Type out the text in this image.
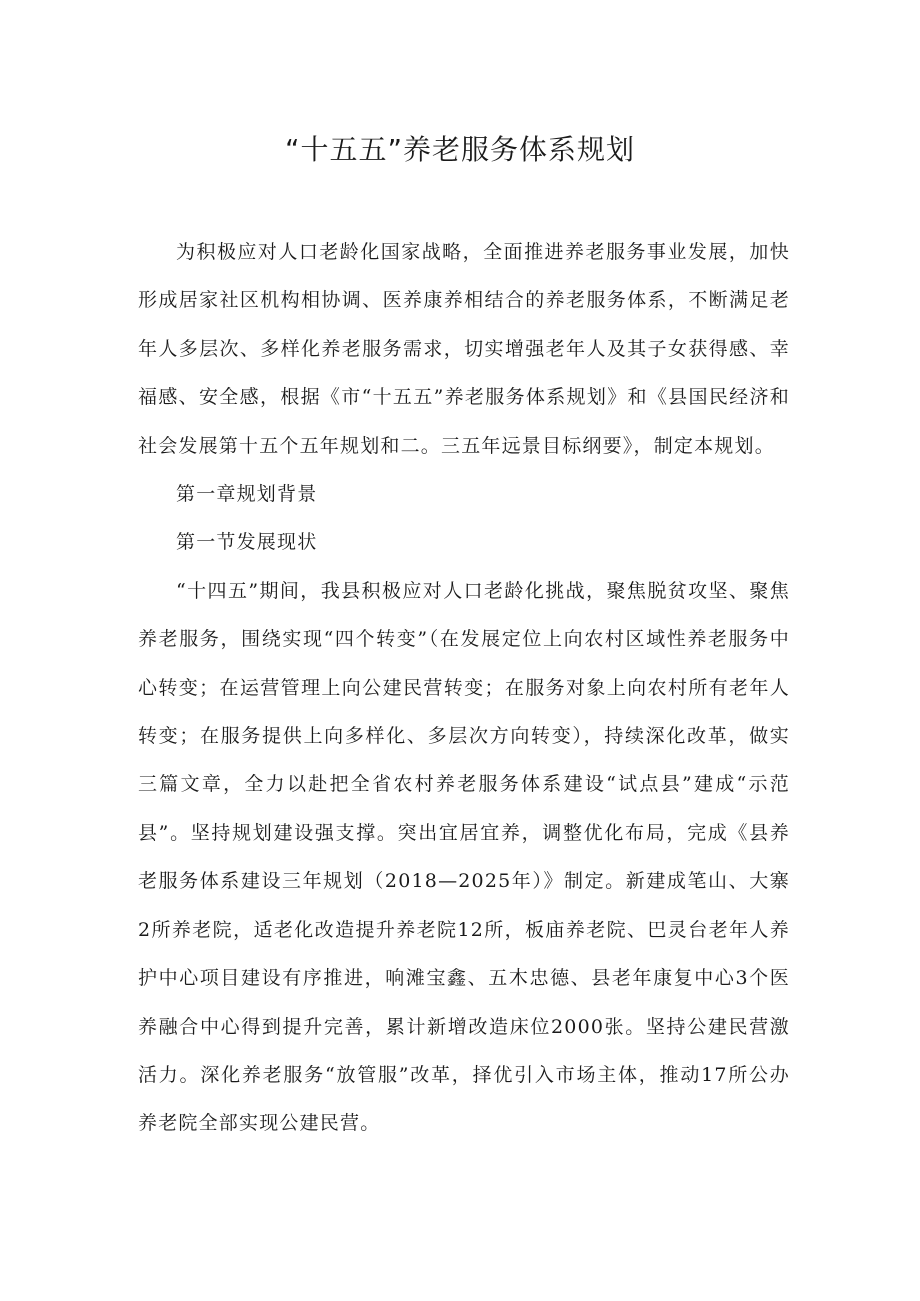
“十五五”养老服务体系规划

为积极应对人口老龄化国家战略，全面推进养老服务事业发展，加快形成居家社区机构相协调、医养康养相结合的养老服务体系，不断满足老年人多层次、多样化养老服务需求，切实增强老年人及其子女获得感、幸福感、安全感，根据《市“十五五”养老服务体系规划》和《县国民经济和社会发展第十五个五年规划和二。三五年远景目标纲要》，制定本规划。

第一章规划背景

第一节发展现状

“十四五”期间，我县积极应对人口老龄化挑战，聚焦脱贫攻坚、聚焦养老服务，围绕实现“四个转变”（在发展定位上向农村区域性养老服务中心转变；在运营管理上向公建民营转变；在服务对象上向农村所有老年人转变；在服务提供上向多样化、多层次方向转变），持续深化改革，做实三篇文章，全力以赴把全省农村养老服务体系建设“试点县”建成“示范县”。坚持规划建设强支撑。突出宜居宜养，调整优化布局，完成《县养老服务体系建设三年规划（2018—2025年）》制定。新建成笔山、大寨2所养老院，适老化改造提升养老院12所，板庙养老院、巴灵台老年人养护中心项目建设有序推进，响滩宝鑫、五木忠德、县老年康复中心3个医养融合中心得到提升完善，累计新增改造床位2000张。坚持公建民营激活力。深化养老服务“放管服”改革，择优引入市场主体，推动17所公办养老院全部实现公建民营。
